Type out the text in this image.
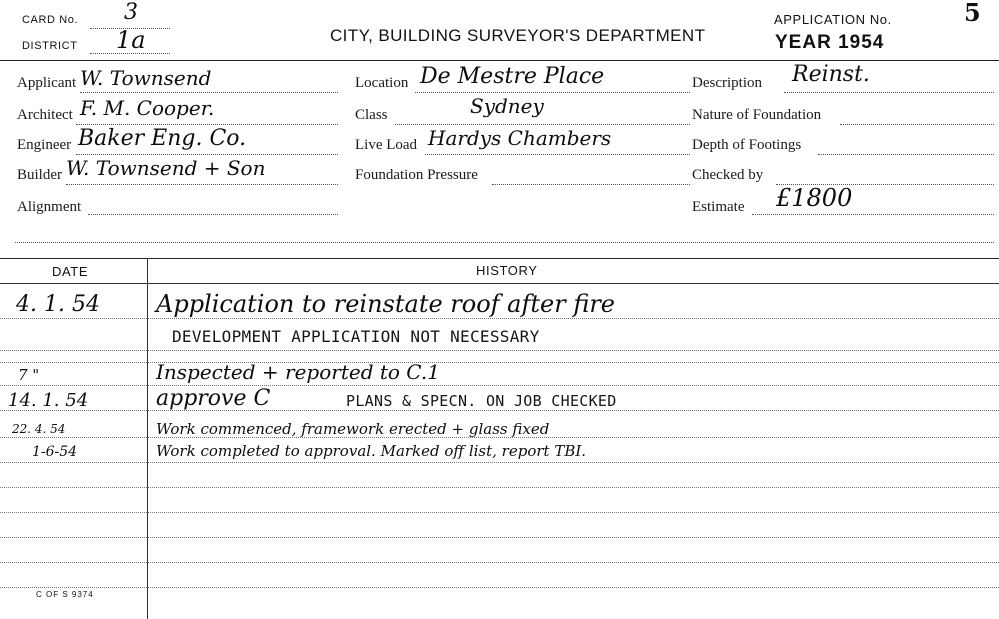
CARD No. 3
DISTRICT 1a	CITY, BUILDING SURVEYOR'S DEPARTMENT
APPLICATION No.	5
YEAR 1954
Applicant W. Townsend
Architect F. M. Cooper.
Engineer Baker Eng. Co.
Builder W. Townsend + Son
Alignment
Location De Mestre Place
Class	Sydney
Live Load Hardys Chambers
Foundation Pressure
Description Reinst.
Nature of Foundation
Depth of Footings
Checked by
Estimate £1800
DATE	HISTORY
4. 1. 54 Application to reinstate roof after fire
DEVELOPMENT APPLICATION NOT NECESSARY
7 "	Inspected + reported to C.1
14. 1. 54	approve C	PLANS & SPECN. ON JOB CHECKED
22. 4. 54	Work commenced, framework erected + glass fixed
1-6-54	Work completed to approval. Marked off list, report TBI.
C OF S 9374
